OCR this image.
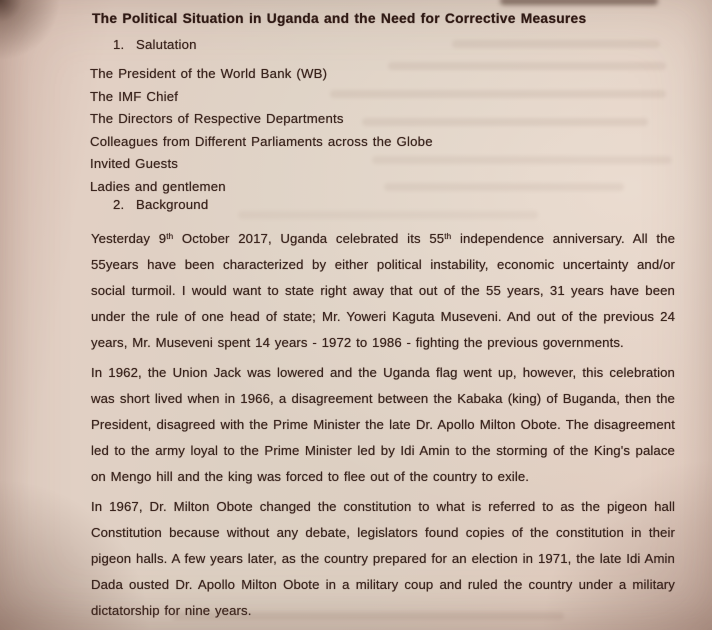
The Political Situation in Uganda and the Need for Corrective Measures
1. Salutation
The President of the World Bank (WB)
The IMF Chief
The Directors of Respective Departments
Colleagues from Different Parliaments across the Globe
Invited Guests
Ladies and gentlemen
2. Background
Yesterday 9th October 2017, Uganda celebrated its 55th independence anniversary. All the 55years have been characterized by either political instability, economic uncertainty and/or social turmoil. I would want to state right away that out of the 55 years, 31 years have been under the rule of one head of state; Mr. Yoweri Kaguta Museveni. And out of the previous 24 years, Mr. Museveni spent 14 years - 1972 to 1986 - fighting the previous governments.
In 1962, the Union Jack was lowered and the Uganda flag went up, however, this celebration was short lived when in 1966, a disagreement between the Kabaka (king) of Buganda, then the President, disagreed with the Prime Minister the late Dr. Apollo Milton Obote. The disagreement led to the army loyal to the Prime Minister led by Idi Amin to the storming of the King's palace on Mengo hill and the king was forced to flee out of the country to exile.
In 1967, Dr. Milton Obote changed the constitution to what is referred to as the pigeon hall Constitution because without any debate, legislators found copies of the constitution in their pigeon halls. A few years later, as the country prepared for an election in 1971, the late Idi Amin Dada ousted Dr. Apollo Milton Obote in a military coup and ruled the country under a military dictatorship for nine years.
